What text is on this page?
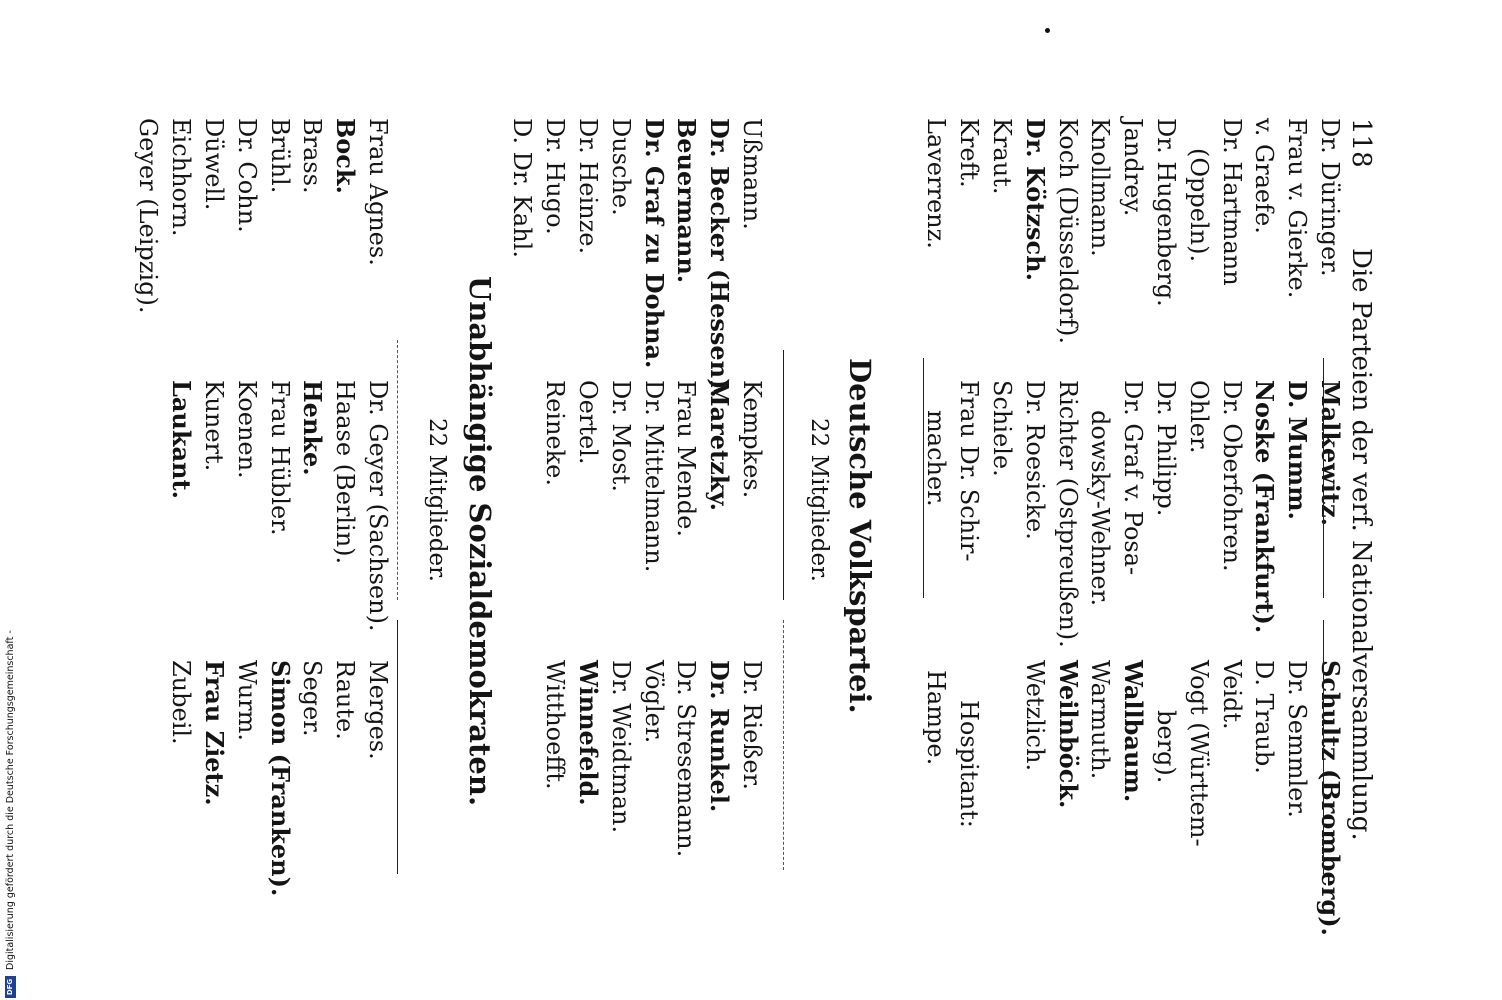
118
Die Parteien der verf. Nationalversammlung.
Dr. Düringer.
Frau v. Gierke.
v. Graefe.
Dr. Hartmann
(Oppeln).
Dr. Hugenberg.
Jandrey.
Knollmann.
Koch (Düsseldorf).
Dr. Kötzsch.
Kraut.
Kreft.
Laverrenz.
Malkewitz.
D. Mumm.
Noske (Frankfurt).
Dr. Oberfohren.
Ohler.
Dr. Philipp.
Dr. Graf v. Posa-
dowsky-Wehner.
Richter (Ostpreußen).
Dr. Roesicke.
Schiele.
Frau Dr. Schir-
macher.
Schultz (Bromberg).
Dr. Semmler.
D. Traub.
Veidt.
Vogt (Württem-
berg).
Wallbaum.
Warmuth.
Weilnböck.
Wetzlich.
Hospitant:
Hampe.
Deutsche Volkspartei.
22 Mitglieder.
Ußmann.
Dr. Becker (Hessen).
Beuermann.
Dr. Graf zu Dohna.
Dusche.
Dr. Heinze.
Dr. Hugo.
D. Dr. Kahl.
Kempkes.
Maretzky.
Frau Mende.
Dr. Mittelmann.
Dr. Most.
Oertel.
Reineke.
Dr. Rießer.
Dr. Runkel.
Dr. Stresemann.
Vögler.
Dr. Weidtman.
Winnefeld.
Witthoefft.
Unabhängige Sozialdemokraten.
22 Mitglieder.
Frau Agnes.
Bock.
Brass.
Brühl.
Dr. Cohn.
Düwell.
Eichhorn.
Geyer (Leipzig).
Dr. Geyer (Sachsen).
Haase (Berlin).
Henke.
Frau Hübler.
Koenen.
Kunert.
Laukant.
Merges.
Raute.
Seger.
Simon (Franken).
Wurm.
Frau Zietz.
Zubeil.
DFG
Digitalisierung gefördert durch die Deutsche Forschungsgemeinschaft -
